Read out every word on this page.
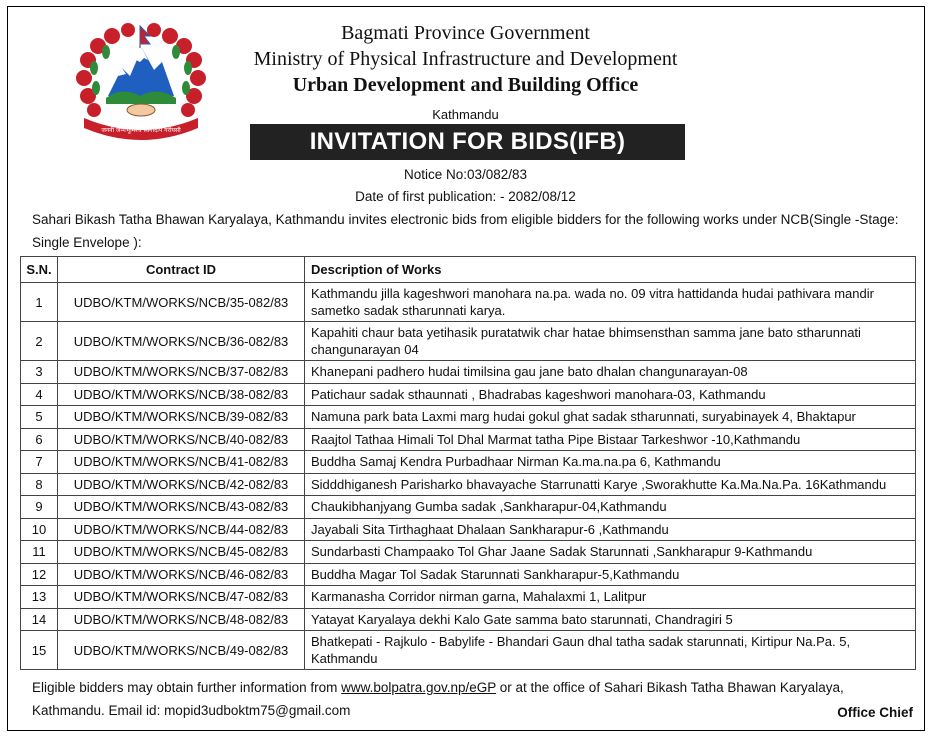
जननी जन्मभूमिश्च स्वर्गादपि गरीयसी
Bagmati Province Government
Ministry of Physical Infrastructure and Development
Urban Development and Building Office
Kathmandu
INVITATION FOR BIDS(IFB)
Notice No:03/082/83
Date of first publication: - 2082/08/12
Sahari Bikash Tatha Bhawan Karyalaya, Kathmandu invites electronic bids from eligible bidders for the following works under NCB(Single -Stage: Single Envelope ):
S.N.	Contract ID	Description of Works
1	UDBO/KTM/WORKS/NCB/35-082/83	Kathmandu jilla kageshwori manohara na.pa. wada no. 09 vitra hattidanda hudai pathivara mandir sametko sadak stharunnati karya.
2	UDBO/KTM/WORKS/NCB/36-082/83	Kapahiti chaur bata yetihasik puratatwik char hatae bhimsensthan samma jane bato stharunnati changunarayan 04
3	UDBO/KTM/WORKS/NCB/37-082/83	Khanepani padhero hudai timilsina gau jane bato dhalan changunarayan-08
4	UDBO/KTM/WORKS/NCB/38-082/83	Patichaur sadak sthaunnati , Bhadrabas kageshwori manohara-03, Kathmandu
5	UDBO/KTM/WORKS/NCB/39-082/83	Namuna park bata Laxmi marg hudai gokul ghat sadak stharunnati, suryabinayek 4, Bhaktapur
6	UDBO/KTM/WORKS/NCB/40-082/83	Raajtol Tathaa Himali Tol Dhal Marmat tatha Pipe Bistaar Tarkeshwor -10,Kathmandu
7	UDBO/KTM/WORKS/NCB/41-082/83	Buddha Samaj Kendra Purbadhaar Nirman Ka.ma.na.pa 6, Kathmandu
8	UDBO/KTM/WORKS/NCB/42-082/83	Sidddhiganesh Parisharko bhavayache Starrunatti Karye ,Sworakhutte Ka.Ma.Na.Pa. 16Kathmandu
9	UDBO/KTM/WORKS/NCB/43-082/83	Chaukibhanjyang Gumba sadak ,Sankharapur-04,Kathmandu
10	UDBO/KTM/WORKS/NCB/44-082/83	Jayabali Sita Tirthaghaat Dhalaan Sankharapur-6 ,Kathmandu
11	UDBO/KTM/WORKS/NCB/45-082/83	Sundarbasti Champaako Tol Ghar Jaane Sadak Starunnati ,Sankharapur 9-Kathmandu
12	UDBO/KTM/WORKS/NCB/46-082/83	Buddha Magar Tol Sadak Starunnati Sankharapur-5,Kathmandu
13	UDBO/KTM/WORKS/NCB/47-082/83	Karmanasha Corridor nirman garna, Mahalaxmi 1, Lalitpur
14	UDBO/KTM/WORKS/NCB/48-082/83	Yatayat Karyalaya dekhi Kalo Gate samma bato starunnati, Chandragiri 5
15	UDBO/KTM/WORKS/NCB/49-082/83	Bhatkepati - Rajkulo - Babylife - Bhandari Gaun dhal tatha sadak starunnati, Kirtipur Na.Pa. 5, Kathmandu
Eligible bidders may obtain further information from www.bolpatra.gov.np/eGP or at the office of Sahari Bikash Tatha Bhawan Karyalaya, Kathmandu. Email id: mopid3udboktm75@gmail.com	Office Chief
